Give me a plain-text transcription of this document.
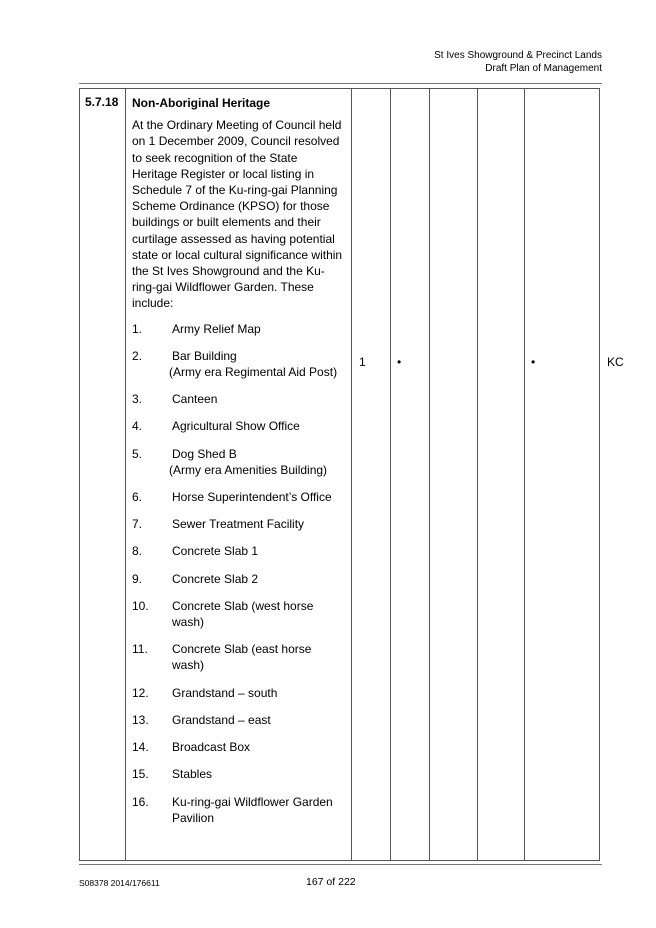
St Ives Showground & Precinct Lands
Draft Plan of Management
5.7.18	Non-Aboriginal Heritage
At the Ordinary Meeting of Council held on 1 December 2009, Council resolved to seek recognition of the State Heritage Register or local listing in Schedule 7 of the Ku-ring-gai Planning Scheme Ordinance (KPSO) for those buildings or built elements and their curtilage assessed as having potential state or local cultural significance within the St Ives Showground and the Ku-ring-gai Wildflower Garden. These include:
1.	Army Relief Map
2.	Bar Building
(Army era Regimental Aid Post)
3.	Canteen
4.	Agricultural Show Office
5.	Dog Shed B
(Army era Amenities Building)
6.	Horse Superintendent’s Office
7.	Sewer Treatment Facility
8.	Concrete Slab 1
9.	Concrete Slab 2
10.	Concrete Slab (west horse wash)
11.	Concrete Slab (east horse wash)
12.	Grandstand – south
13.	Grandstand – east
14.	Broadcast Box
15.	Stables
16.	Ku-ring-gai Wildflower Garden Pavilion

1	•			•	KC
S08378 2014/176611	167 of 222
